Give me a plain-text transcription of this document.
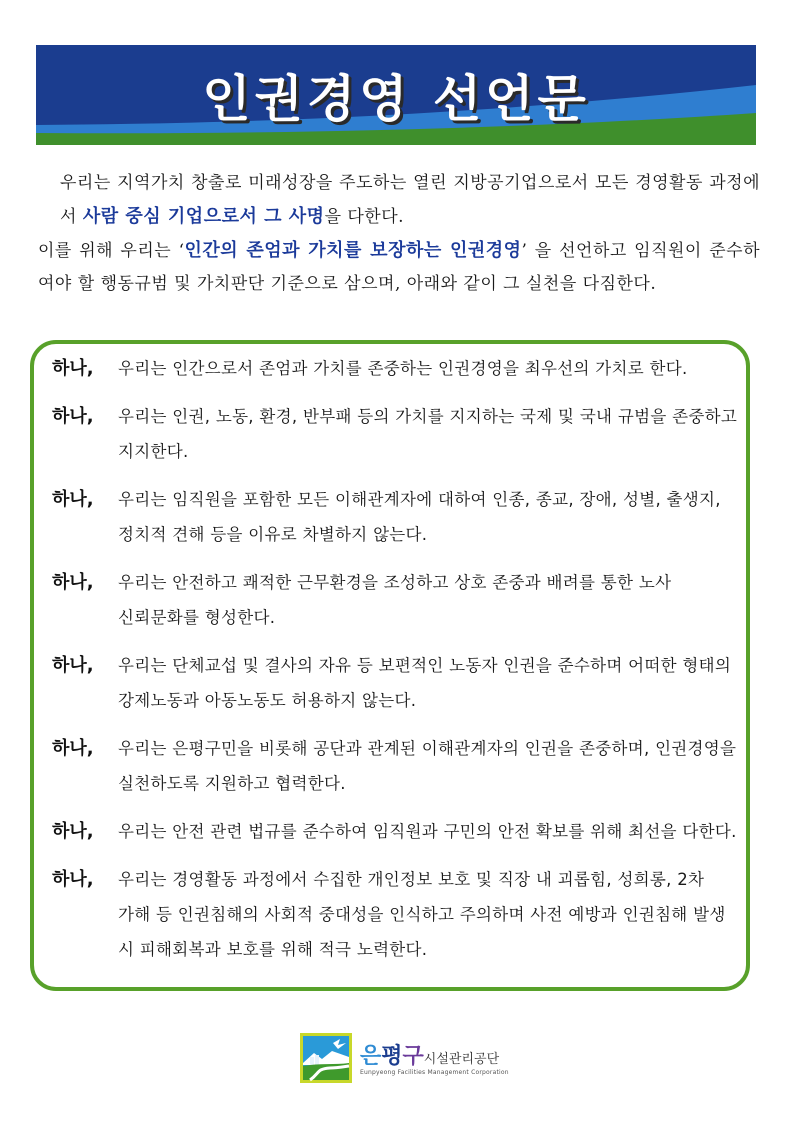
인권경영 선언문

우리는 지역가치 창출로 미래성장을 주도하는 열린 지방공기업으로서 모든 경영활동 과정에서 사람 중심 기업으로서 그 사명을 다한다.

이를 위해 우리는 ‘인간의 존엄과 가치를 보장하는 인권경영’ 을 선언하고 임직원이 준수하여야 할 행동규범 및 가치판단 기준으로 삼으며, 아래와 같이 그 실천을 다짐한다.

하나,	우리는 인간으로서 존엄과 가치를 존중하는 인권경영을 최우선의 가치로 한다.
하나,	우리는 인권, 노동, 환경, 반부패 등의 가치를 지지하는 국제 및 국내 규범을 존중하고 지지한다.
하나,	우리는 임직원을 포함한 모든 이해관계자에 대하여 인종, 종교, 장애, 성별, 출생지, 정치적 견해 등을 이유로 차별하지 않는다.
하나,	우리는 안전하고 쾌적한 근무환경을 조성하고 상호 존중과 배려를 통한 노사 신뢰문화를 형성한다.
하나,	우리는 단체교섭 및 결사의 자유 등 보편적인 노동자 인권을 준수하며 어떠한 형태의 강제노동과 아동노동도 허용하지 않는다.
하나,	우리는 은평구민을 비롯해 공단과 관계된 이해관계자의 인권을 존중하며, 인권경영을 실천하도록 지원하고 협력한다.
하나,	우리는 안전 관련 법규를 준수하여 임직원과 구민의 안전 확보를 위해 최선을 다한다.
하나,	우리는 경영활동 과정에서 수집한 개인정보 보호 및 직장 내 괴롭힘, 성희롱, 2차 가해 등 인권침해의 사회적 중대성을 인식하고 주의하며 사전 예방과 인권침해 발생 시 피해회복과 보호를 위해 적극 노력한다.
은평구시설관리공단
Eunpyeong Facilities Management Corporation
